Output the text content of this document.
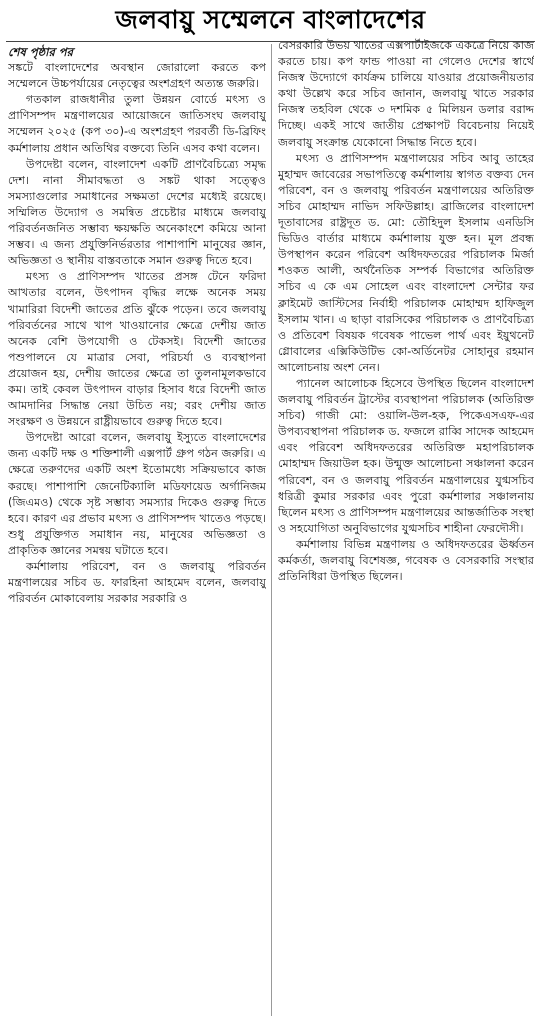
জলবায়ু সম্মেলনে বাংলাদেশের
শেষ পৃষ্ঠার পর

সঙ্কটে বাংলাদেশের অবস্থান জোরালো করতে কপ সম্মেলনে উচ্চপর্যায়ের নেতৃত্বের অংশগ্রহণ অত্যন্ত জরুরি।

গতকাল রাজধানীর তুলা উন্নয়ন বোর্ডে মৎস্য ও প্রাণিসম্পদ মন্ত্রণালয়ের আয়োজনে জাতিসংঘ জলবায়ু সম্মেলন ২০২৫ (কপ ৩০)-এ অংশগ্রহণ পরবর্তী ডি-ব্রিফিং কর্মশালায় প্রধান অতিথির বক্তব্যে তিনি এসব কথা বলেন।

উপদেষ্টা বলেন, বাংলাদেশ একটি প্রাণবৈচিত্র্যে সমৃদ্ধ দেশ। নানা সীমাবদ্ধতা ও সঙ্কট থাকা সত্ত্বেও সমস্যাগুলোর সমাধানের সক্ষমতা দেশের মধ্যেই রয়েছে। সম্মিলিত উদ্যোগ ও সমন্বিত প্রচেষ্টার মাধ্যমে জলবায়ু পরিবর্তনজনিত সম্ভাব্য ক্ষয়ক্ষতি অনেকাংশে কমিয়ে আনা সম্ভব। এ জন্য প্রযুক্তিনির্ভরতার পাশাপাশি মানুষের জ্ঞান, অভিজ্ঞতা ও স্থানীয় বাস্তবতাকে সমান গুরুত্ব দিতে হবে।

মৎস্য ও প্রাণিসম্পদ খাতের প্রসঙ্গ টেনে ফরিদা আখতার বলেন, উৎপাদন বৃদ্ধির লক্ষে অনেক সময় খামারিরা বিদেশী জাতের প্রতি ঝুঁকে পড়েন। তবে জলবায়ু পরিবর্তনের সাথে খাপ খাওয়ানোর ক্ষেত্রে দেশীয় জাত অনেক বেশি উপযোগী ও টেকসই। বিদেশী জাতের পশুপালনে যে মাত্রার সেবা, পরিচর্যা ও ব্যবস্থাপনা প্রয়োজন হয়, দেশীয় জাতের ক্ষেত্রে তা তুলনামূলকভাবে কম। তাই কেবল উৎপাদন বাড়ার হিসাব ধরে বিদেশী জাত আমদানির সিদ্ধান্ত নেয়া উচিত নয়; বরং দেশীয় জাত সংরক্ষণ ও উন্নয়নে রাষ্ট্রীয়ভাবে গুরুত্ব দিতে হবে।

উপদেষ্টা আরো বলেন, জলবায়ু ইস্যুতে বাংলাদেশের জন্য একটি দক্ষ ও শক্তিশালী এক্সপার্ট গ্রুপ গঠন জরুরি। এ ক্ষেত্রে তরুণদের একটি অংশ ইতোমধ্যে সক্রিয়ভাবে কাজ করছে। পাশাপাশি জেনেটিক্যালি মডিফায়েড অর্গানিজম (জিএমও) থেকে সৃষ্ট সম্ভাব্য সমস্যার দিকেও গুরুত্ব দিতে হবে। কারণ এর প্রভাব মৎস্য ও প্রাণিসম্পদ খাতেও পড়ছে। শুধু প্রযুক্তিগত সমাধান নয়, মানুষের অভিজ্ঞতা ও প্রাকৃতিক জ্ঞানের সমন্বয় ঘটাতে হবে।

কর্মশালায় পরিবেশ, বন ও জলবায়ু পরিবর্তন মন্ত্রণালয়ের সচিব ড. ফারহিনা আহমেদ বলেন, জলবায়ু পরিবর্তন মোকাবেলায় সরকার সরকারি ও

বেসরকারি উভয় খাতের এক্সপার্টাইজকে একত্রে নিয়ে কাজ করতে চায়। কপ ফান্ড পাওয়া না গেলেও দেশের স্বার্থে নিজস্ব উদ্যোগে কার্যক্রম চালিয়ে যাওয়ার প্রয়োজনীয়তার কথা উল্লেখ করে সচিব জানান, জলবায়ু খাতে সরকার নিজস্ব তহবিল থেকে ৩ দশমিক ৫ মিলিয়ন ডলার বরাদ্দ দিচ্ছে। একই সাথে জাতীয় প্রেক্ষাপট বিবেচনায় নিয়েই জলবায়ু সংক্রান্ত যেকোনো সিদ্ধান্ত নিতে হবে।

মৎস্য ও প্রাণিসম্পদ মন্ত্রণালয়ের সচিব আবু তাহের মুহাম্মদ জাবেরের সভাপতিত্বে কর্মশালায় স্বাগত বক্তব্য দেন পরিবেশ, বন ও জলবায়ু পরিবর্তন মন্ত্রণালয়ের অতিরিক্ত সচিব মোহাম্মদ নাভিদ সফিউল্লাহ। ব্রাজিলের বাংলাদেশ দূতাবাসের রাষ্ট্রদূত ড. মো: তৌহিদুল ইসলাম এনডিসি ভিডিও বার্তার মাধ্যমে কর্মশালায় যুক্ত হন। মূল প্রবন্ধ উপস্থাপন করেন পরিবেশ অধিদফতরের পরিচালক মির্জা শওকত আলী, অর্থনৈতিক সম্পর্ক বিভাগের অতিরিক্ত সচিব এ কে এম সোহেল এবং বাংলাদেশ সেন্টার ফর ক্লাইমেট জাস্টিসের নির্বাহী পরিচালক মোহাম্মদ হাফিজুল ইসলাম খান। এ ছাড়া বারসিকের পরিচালক ও প্রাণবৈচিত্র্য ও প্রতিবেশ বিষয়ক গবেষক পাভেল পার্থ এবং ইয়ুথনেট গ্লোবালের এক্সিকিউটিভ কো-অর্ডিনেটর সোহানুর রহমান আলোচনায় অংশ নেন।

প্যানেল আলোচক হিসেবে উপস্থিত ছিলেন বাংলাদেশ জলবায়ু পরিবর্তন ট্রাস্টের ব্যবস্থাপনা পরিচালক (অতিরিক্ত সচিব) গাজী মো: ওয়ালি-উল-হক, পিকেএসএফ-এর উপব্যবস্থাপনা পরিচালক ড. ফজলে রাব্বি সাদেক আহমেদ এবং পরিবেশ অধিদফতরের অতিরিক্ত মহাপরিচালক মোহাম্মদ জিয়াউল হক। উন্মুক্ত আলোচনা সঞ্চালনা করেন পরিবেশ, বন ও জলবায়ু পরিবর্তন মন্ত্রণালয়ের যুগ্মসচিব ধরিত্রী কুমার সরকার এবং পুরো কর্মশালার সঞ্চালনায় ছিলেন মৎস্য ও প্রাণিসম্পদ মন্ত্রণালয়ের আন্তর্জাতিক সংস্থা ও সহযোগিতা অনুবিভাগের যুগ্মসচিব শাহীনা ফেরদৌসী।

কর্মশালায় বিভিন্ন মন্ত্রণালয় ও অধিদফতরের ঊর্ধ্বতন কর্মকর্তা, জলবায়ু বিশেষজ্ঞ, গবেষক ও বেসরকারি সংস্থার প্রতিনিধিরা উপস্থিত ছিলেন।
